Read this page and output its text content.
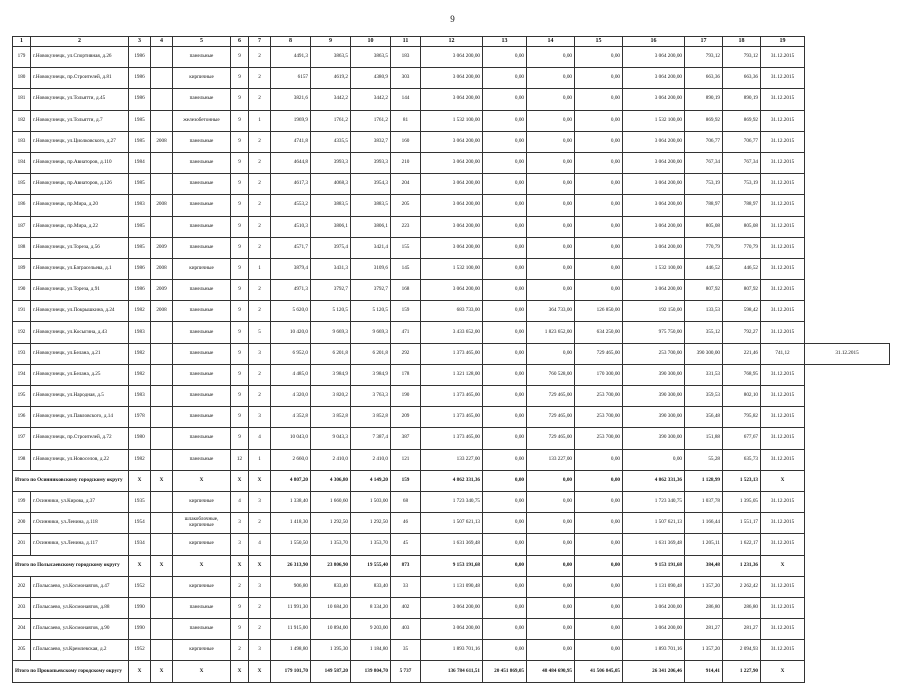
9
1	2	3	4	5	6	7	8	9	10	11	12	13	14	15	16	17	18	19	
179	г.Новокузнецк, ул.Спортивная, д.26	1986		панельные	9	2	4491,3	3863,5	3863,5	183	3 064 200,00	0,00	0,00	0,00	3 064 200,00	793,12	793,12	31.12.2015	
180	г.Новокузнецк, пр.Строителей, д.81	1986		кирпичные	9	2	6157	4619,2	4380,9	303	3 064 200,00	0,00	0,00	0,00	3 064 200,00	663,36	663,36	31.12.2015	
181	г.Новокузнецк, ул.Тольятти, д.45	1986		панельные	9	2	3821,6	3442,2	3442,2	144	3 064 200,00	0,00	0,00	0,00	3 064 200,00	890,19	890,19	31.12.2015	
182	г.Новокузнецк, ул.Тольятти, д.7	1985		железобетонные	9	1	1969,9	1761,2	1761,2	81	1 532 100,00	0,00	0,00	0,00	1 532 100,00	869,92	869,92	31.12.2015	
183	г.Новокузнецк, ул.Циолковского, д.27	1985	2008	панельные	9	2	4741,8	4335,5	3832,7	160	3 064 200,00	0,00	0,00	0,00	3 064 200,00	706,77	706,77	31.12.2015	
184	г.Новокузнецк, пр.Авиаторов, д.110	1984		панельные	9	2	4644,8	3993,3	3993,3	210	3 064 200,00	0,00	0,00	0,00	3 064 200,00	767,34	767,34	31.12.2015	
185	г.Новокузнецк, пр.Авиаторов, д.126	1985		панельные	9	2	4617,3	4068,3	3954,3	204	3 064 200,00	0,00	0,00	0,00	3 064 200,00	753,19	753,19	31.12.2015	
186	г.Новокузнецк, пр.Мира, д.20	1983	2008	панельные	9	2	4553,2	3883,5	3883,5	205	3 064 200,00	0,00	0,00	0,00	3 064 200,00	788,97	788,97	31.12.2015	
187	г.Новокузнецк, пр.Мира, д.22	1985		панельные	9	2	4510,3	3806,1	3806,1	223	3 064 200,00	0,00	0,00	0,00	3 064 200,00	805,08	805,08	31.12.2015	
188	г.Новокузнецк, ул.Тореза, д.56	1985	2009	панельные	9	2	4571,7	3975,4	3421,4	155	3 064 200,00	0,00	0,00	0,00	3 064 200,00	770,79	770,79	31.12.2015	
189	г.Новокузнецк, ул.Батрасельева, д.1	1986	2008	кирпичные	9	1	3879,4	3431,3	3109,6	145	1 532 100,00	0,00	0,00	0,00	1 532 100,00	446,52	446,52	31.12.2015	
190	г.Новокузнецк, ул.Тореза, д.91	1986	2009	панельные	9	2	4971,3	3792,7	3792,7	168	3 064 200,00	0,00	0,00	0,00	3 064 200,00	807,92	807,92	31.12.2015	
191	г.Новокузнецк, ул.Покрышкина, д.24	1982	2008	панельные	9	2	5 620,0	5 120,5	5 120,5	159	683 733,00	0,00	364 733,00	126 850,00	192 150,00	133,53	598,42	31.12.2015	
192	г.Новокузнецк, ул.Косыгина, д.43	1983		панельные	9	5	10 420,0	9 669,3	9 669,3	471	3 433 652,00	0,00	1 823 652,00	634 250,00	975 750,00	355,12	792,27	31.12.2015	
193	г.Новокузнецк, ул.Белана, д.21	1982		панельные	9	3	6 952,0	6 201,8	6 201,8	292	1 373 465,00	0,00	0,00	729 465,00	253 700,00	390 300,00	221,46	741,12	31.12.2015
194	г.Новокузнецк, ул.Белана, д.25	1982		панельные	9	2	4 485,0	3 984,9	3 984,9	178	1 321 128,00	0,00	760 528,00	170 300,00	390 300,00	331,53	768,95	31.12.2015	
195	г.Новокузнецк, ул.Народная, д.5	1983		панельные	9	2	4 320,0	3 820,2	3 763,3	190	1 373 465,00	0,00	729 465,00	253 700,00	390 300,00	359,53	802,10	31.12.2015	
196	г.Новокузнецк, ул.Павловского, д.14	1978		панельные	9	3	4 352,8	3 852,8	3 852,8	209	1 373 465,00	0,00	729 465,00	253 700,00	390 300,00	356,48	795,82	31.12.2015	
197	г.Новокузнецк, пр.Строителей, д.72	1980		панельные	9	4	10 043,0	9 043,3	7 387,4	387	1 373 465,00	0,00	729 465,00	253 700,00	390 300,00	151,88	677,67	31.12.2015	
198	г.Новокузнецк, ул.Новоселов, д.22	1982		панельные	12	1	2 660,0	2 410,0	2 410,0	121	133 227,00	0,00	133 227,00	0,00	0,00	55,28	635,73	31.12.2015	
Итого по Осинниковскому городскому округу		X	X	X	X	X	4 807,20	4 306,80	4 149,20	159	4 862 331,36	0,00	0,00	0,00	4 862 331,36	1 128,99	1 523,13	X	
199	г.Осинники, ул.Кирова, д.37	1935		кирпичные	4	3	1 338,40	1 660,60	1 503,00	68	1 723 340,75	0,00	0,00	0,00	1 723 340,75	1 037,78	1 395,05	31.12.2015	
200	г.Осинники, ул.Ленина, д.118	1954		шлакоблочные, кирпичные	3	2	1 418,30	1 292,50	1 292,50	46	1 507 621,13	0,00	0,00	0,00	1 507 621,13	1 166,44	1 551,17	31.12.2015	
201	г.Осинники, ул.Ленина, д.117	1934		кирпичные	3	4	1 550,50	1 353,70	1 353,70	45	1 631 369,48	0,00	0,00	0,00	1 631 369,48	1 205,11	1 622,17	31.12.2015	
Итого по Полысаевскому городскому округу		X	X	X	X	X	26 313,90	23 806,90	19 555,40	873	9 153 191,68	0,00	0,00	0,00	9 153 191,68	384,48	1 231,36	X	
202	г.Полысаево, ул.Космонавтов, д.47	1952		кирпичные	2	3	906,80	833,40	833,40	33	1 131 090,48	0,00	0,00	0,00	1 131 090,48	1 357,20	2 262,42	31.12.2015	
203	г.Полысаево, ул.Космонавтов, д.88	1990		панельные	9	2	11 991,30	10 684,20	8 334,20	402	3 064 200,00	0,00	0,00	0,00	3 064 200,00	286,80	286,80	31.12.2015	
204	г.Полысаево, ул.Космонавтов, д.90	1990		панельные	9	2	11 915,00	10 894,00	9 203,00	403	3 064 200,00	0,00	0,00	0,00	3 064 200,00	281,27	281,27	31.12.2015	
205	г.Полысаево, ул.Кремлевская, д.2	1952		кирпичные	2	3	1 498,80	1 395,30	1 184,80	35	1 893 701,16	0,00	0,00	0,00	1 893 701,16	1 357,20	2 094,93	31.12.2015	
Итого по Прокопьевскому городскому округу		X	X	X	X	X	179 101,70	149 587,20	139 804,70	5 737	136 784 611,51	20 451 869,05	48 484 690,95	41 506 845,05	26 341 206,46	914,41	1 227,90	X	
